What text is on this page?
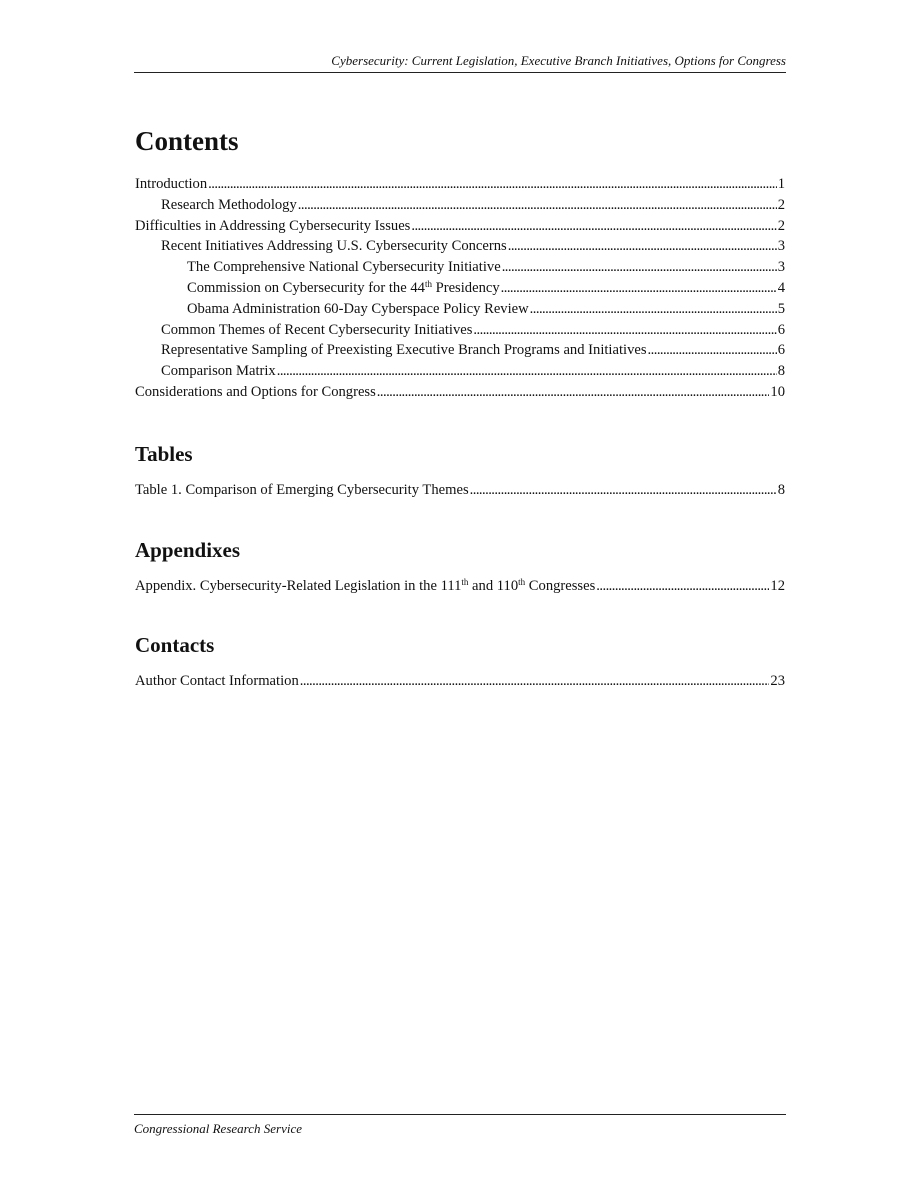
Cybersecurity: Current Legislation, Executive Branch Initiatives, Options for Congress
Contents
Introduction . . .	1
Research Methodology . . .	2
Difficulties in Addressing Cybersecurity Issues . . .	2
Recent Initiatives Addressing U.S. Cybersecurity Concerns . . .	3
The Comprehensive National Cybersecurity Initiative . . .	3
Commission on Cybersecurity for the 44th Presidency . . .	4
Obama Administration 60-Day Cyberspace Policy Review . . .	5
Common Themes of Recent Cybersecurity Initiatives . . .	6
Representative Sampling of Preexisting Executive Branch Programs and Initiatives . . .	6
Comparison Matrix . . .	8
Considerations and Options for Congress . . .	10
Tables
Table 1. Comparison of Emerging Cybersecurity Themes . . .	8
Appendixes
Appendix. Cybersecurity-Related Legislation in the 111th and 110th Congresses . . .	12
Contacts
Author Contact Information . . .	23
Congressional Research Service
